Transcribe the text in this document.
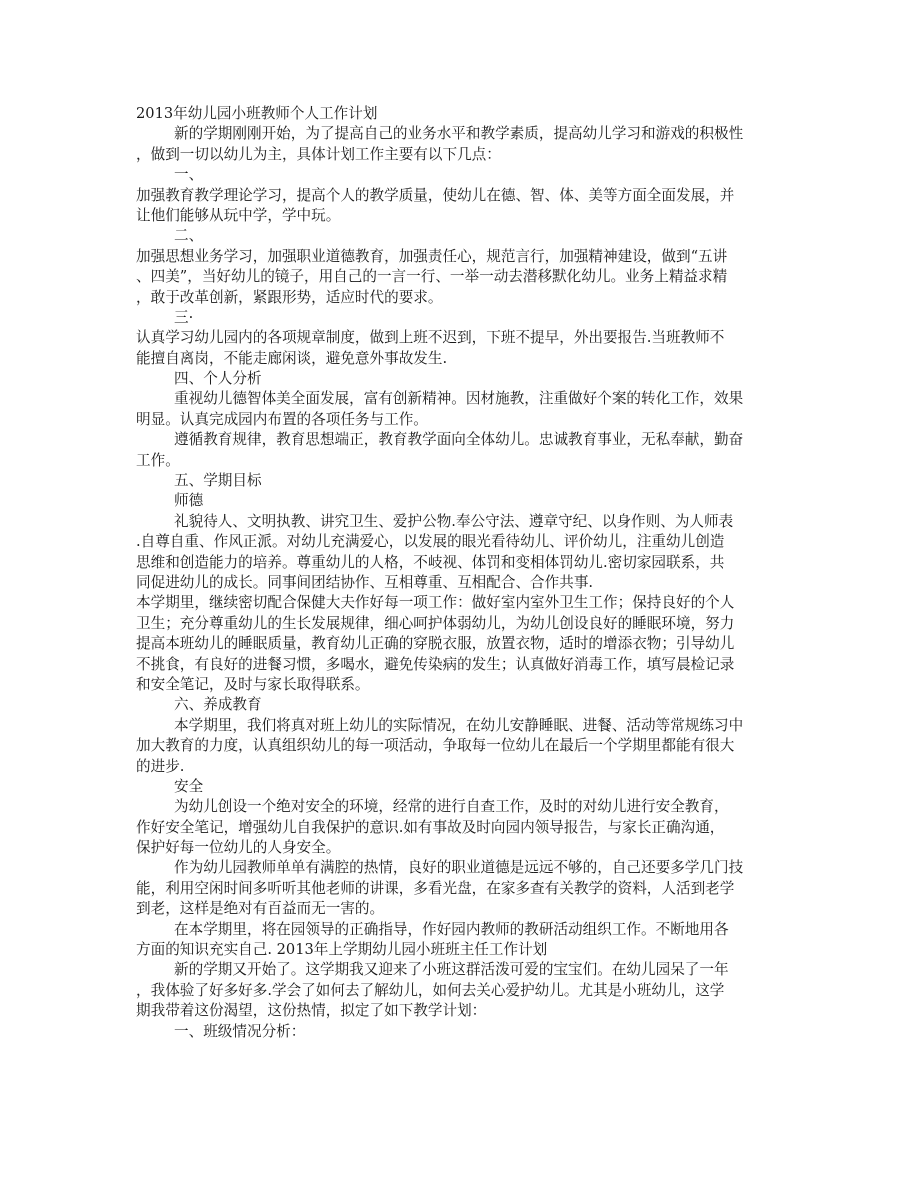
2013年幼儿园小班教师个人工作计划
新的学期刚刚开始，为了提高自己的业务水平和教学素质，提高幼儿学习和游戏的积极性
，做到一切以幼儿为主，具体计划工作主要有以下几点：
一、
加强教育教学理论学习，提高个人的教学质量，使幼儿在德、智、体、美等方面全面发展，并
让他们能够从玩中学，学中玩。
二、
加强思想业务学习，加强职业道德教育，加强责任心，规范言行，加强精神建设，做到“五讲
、四美”，当好幼儿的镜子，用自己的一言一行、一举一动去潜移默化幼儿。业务上精益求精
，敢于改革创新，紧跟形势，适应时代的要求。
三·
认真学习幼儿园内的各项规章制度，做到上班不迟到，下班不提早，外出要报告.当班教师不
能擅自离岗，不能走廊闲谈，避免意外事故发生.
四、个人分析
重视幼儿德智体美全面发展，富有创新精神。因材施教，注重做好个案的转化工作，效果
明显。认真完成园内布置的各项任务与工作。
遵循教育规律，教育思想端正，教育教学面向全体幼儿。忠诚教育事业，无私奉献，勤奋
工作。
五、学期目标
师德
礼貌待人、文明执教、讲究卫生、爱护公物.奉公守法、遵章守纪、以身作则、为人师表
.自尊自重、作风正派。对幼儿充满爱心，以发展的眼光看待幼儿、评价幼儿，注重幼儿创造
思维和创造能力的培养。尊重幼儿的人格，不岐视、体罚和变相体罚幼儿.密切家园联系，共
同促进幼儿的成长。同事间团结协作、互相尊重、互相配合、合作共事.
本学期里，继续密切配合保健大夫作好每一项工作：做好室内室外卫生工作；保持良好的个人
卫生；充分尊重幼儿的生长发展规律，细心呵护体弱幼儿，为幼儿创设良好的睡眠环境，努力
提高本班幼儿的睡眠质量，教育幼儿正确的穿脱衣服，放置衣物，适时的增添衣物；引导幼儿
不挑食，有良好的进餐习惯，多喝水，避免传染病的发生；认真做好消毒工作，填写晨检记录
和安全笔记，及时与家长取得联系。
六、养成教育
本学期里，我们将真对班上幼儿的实际情况，在幼儿安静睡眠、进餐、活动等常规练习中
加大教育的力度，认真组织幼儿的每一项活动，争取每一位幼儿在最后一个学期里都能有很大
的进步.
安全
为幼儿创设一个绝对安全的环境，经常的进行自查工作，及时的对幼儿进行安全教育，
作好安全笔记，增强幼儿自我保护的意识.如有事故及时向园内领导报告，与家长正确沟通，
保护好每一位幼儿的人身安全。
作为幼儿园教师单单有满腔的热情，良好的职业道德是远远不够的，自己还要多学几门技
能，利用空闲时间多听听其他老师的讲课，多看光盘，在家多查有关教学的资料，人活到老学
到老，这样是绝对有百益而无一害的。
在本学期里，将在园领导的正确指导，作好园内教师的教研活动组织工作。不断地用各
方面的知识充实自己. 2013年上学期幼儿园小班班主任工作计划
新的学期又开始了。这学期我又迎来了小班这群活泼可爱的宝宝们。在幼儿园呆了一年
，我体验了好多好多.学会了如何去了解幼儿，如何去关心爱护幼儿。尤其是小班幼儿，这学
期我带着这份渴望，这份热情，拟定了如下教学计划：
一、班级情况分析：
